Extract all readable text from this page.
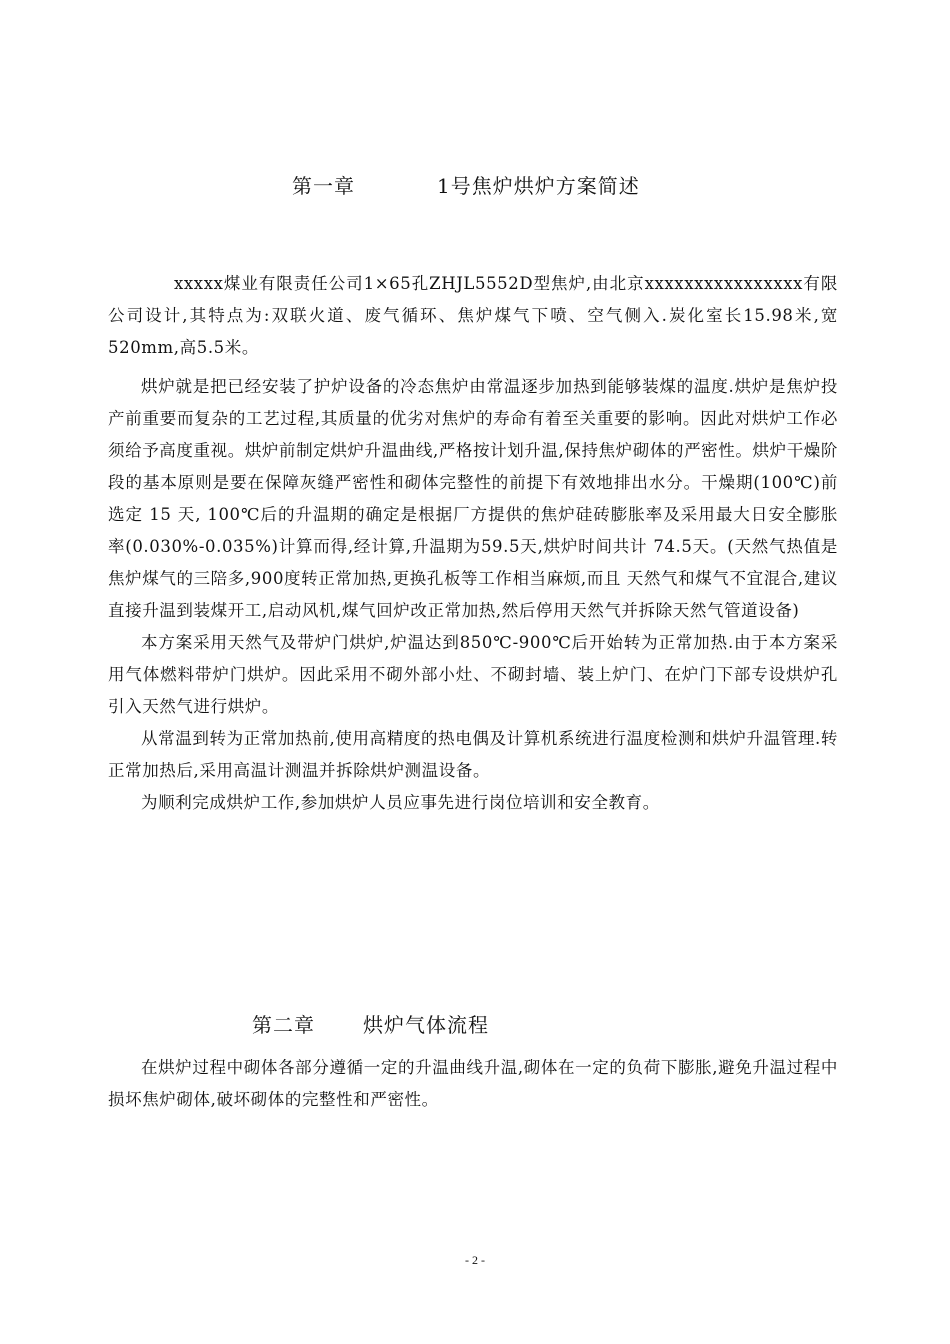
第一章	1号焦炉烘炉方案简述

xxxxx煤业有限责任公司1×65孔ZHJL5552D型焦炉,由北京xxxxxxxxxxxxxxxx有限公司设计,其特点为:双联火道、废气循环、焦炉煤气下喷、空气侧入.炭化室长15.98米,宽520mm,高5.5米。

烘炉就是把已经安装了护炉设备的冷态焦炉由常温逐步加热到能够装煤的温度.烘炉是焦炉投产前重要而复杂的工艺过程,其质量的优劣对焦炉的寿命有着至关重要的影响。因此对烘炉工作必须给予高度重视。烘炉前制定烘炉升温曲线,严格按计划升温,保持焦炉砌体的严密性。烘炉干燥阶段的基本原则是要在保障灰缝严密性和砌体完整性的前提下有效地排出水分。干燥期(100℃)前选定 15 天, 100℃后的升温期的确定是根据厂方提供的焦炉硅砖膨胀率及采用最大日安全膨胀率(0.030%-0.035%)计算而得,经计算,升温期为59.5天,烘炉时间共计 74.5天。(天然气热值是焦炉煤气的三陪多,900度转正常加热,更换孔板等工作相当麻烦,而且 天然气和煤气不宜混合,建议直接升温到装煤开工,启动风机,煤气回炉改正常加热,然后停用天然气并拆除天然气管道设备)

本方案采用天然气及带炉门烘炉,炉温达到850℃-900℃后开始转为正常加热.由于本方案采用气体燃料带炉门烘炉。因此采用不砌外部小灶、不砌封墙、装上炉门、在炉门下部专设烘炉孔引入天然气进行烘炉。

从常温到转为正常加热前,使用高精度的热电偶及计算机系统进行温度检测和烘炉升温管理.转正常加热后,采用高温计测温并拆除烘炉测温设备。

为顺利完成烘炉工作,参加烘炉人员应事先进行岗位培训和安全教育。

第二章 烘炉气体流程

在烘炉过程中砌体各部分遵循一定的升温曲线升温,砌体在一定的负荷下膨胀,避免升温过程中损坏焦炉砌体,破坏砌体的完整性和严密性。

- 2 -
